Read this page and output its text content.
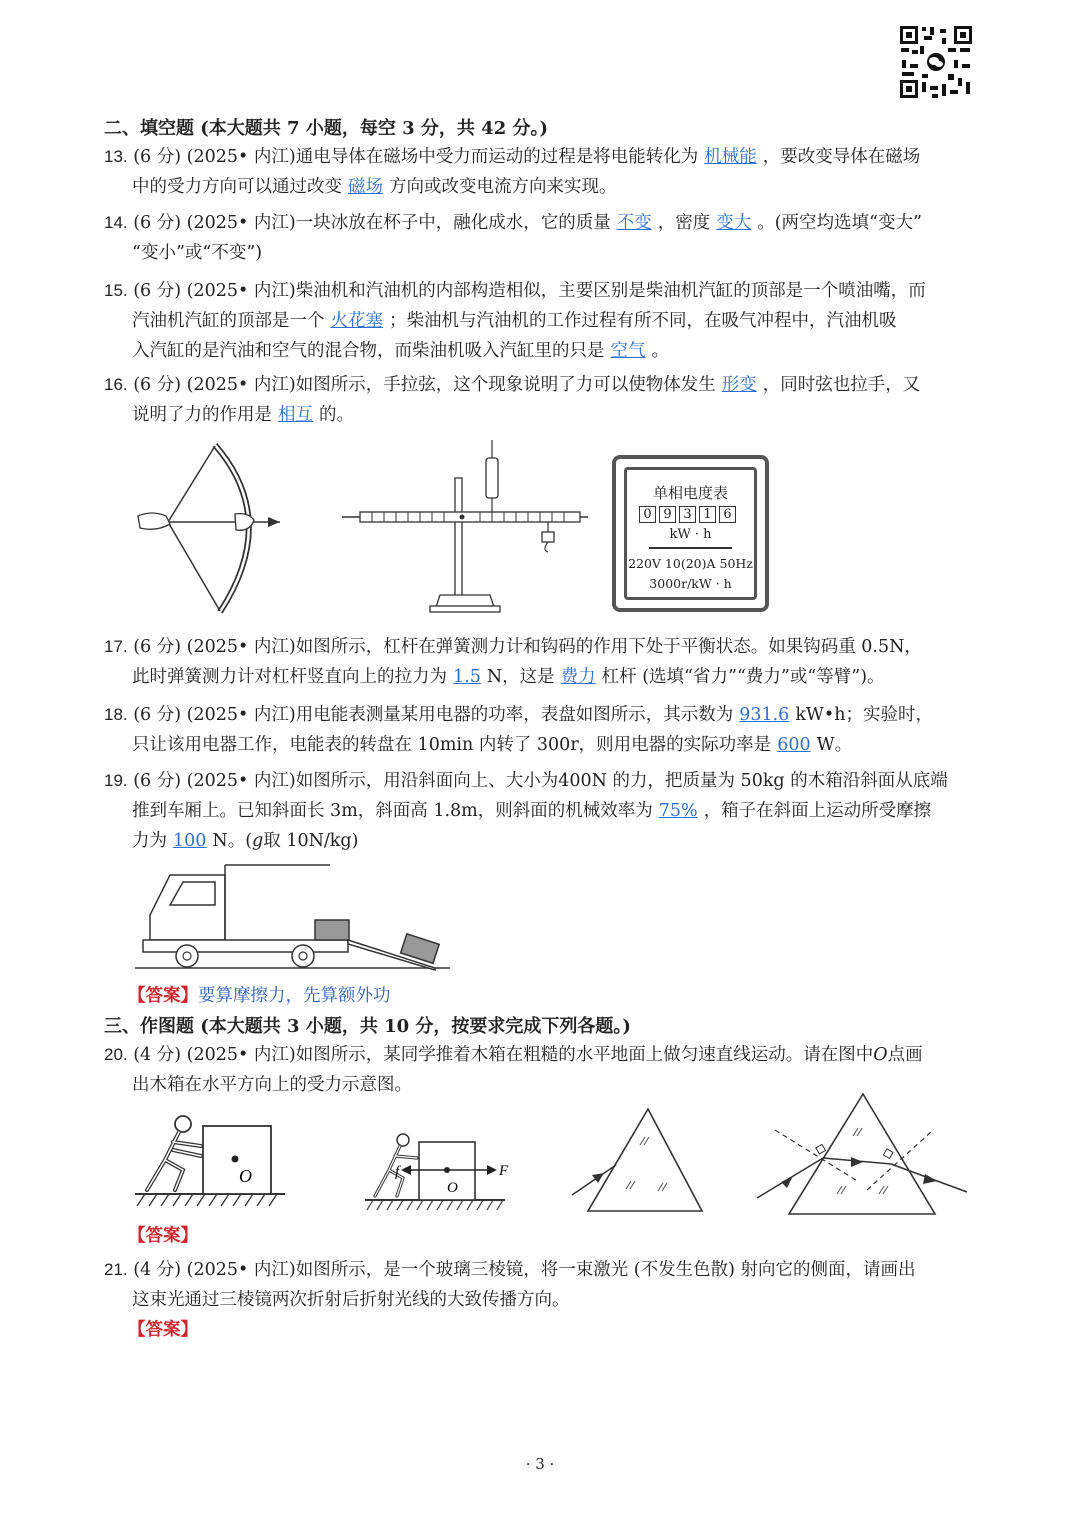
二、填空题 (本大题共 7 小题，每空 3 分，共 42 分。)
13. (6 分) (2025• 内江)通电导体在磁场中受力而运动的过程是将电能转化为 机械能 ，要改变导体在磁场
中的受力方向可以通过改变 磁场 方向或改变电流方向来实现。
14. (6 分) (2025• 内江)一块冰放在杯子中，融化成水，它的质量 不变 ，密度 变大 。(两空均选填“变大”
“变小”或“不变”)
15. (6 分) (2025• 内江)柴油机和汽油机的内部构造相似，主要区别是柴油机汽缸的顶部是一个喷油嘴，而
汽油机汽缸的顶部是一个 火花塞 ；柴油机与汽油机的工作过程有所不同，在吸气冲程中，汽油机吸
入汽缸的是汽油和空气的混合物，而柴油机吸入汽缸里的只是 空气 。
16. (6 分) (2025• 内江)如图所示，手拉弦，这个现象说明了力可以使物体发生 形变 ，同时弦也拉手，又
说明了力的作用是 相互 的。
单相电度表
0 9 3 1 6
kW · h
220V 10(20)A 50Hz
3000r/kW · h
17. (6 分) (2025• 内江)如图所示，杠杆在弹簧测力计和钩码的作用下处于平衡状态。如果钩码重 0.5N，
此时弹簧测力计对杠杆竖直向上的拉力为 1.5 N，这是 费力 杠杆 (选填“省力”“费力”或“等臂”)。
18. (6 分) (2025• 内江)用电能表测量某用电器的功率，表盘如图所示，其示数为 931.6 kW•h；实验时，
只让该用电器工作，电能表的转盘在 10min 内转了 300r，则用电器的实际功率是 600 W。
19. (6 分) (2025• 内江)如图所示，用沿斜面向上、大小为400N 的力，把质量为 50kg 的木箱沿斜面从底端
推到车厢上。已知斜面长 3m，斜面高 1.8m，则斜面的机械效率为 75% ，箱子在斜面上运动所受摩擦
力为 100 N。(g取 10N/kg)
【答案】要算摩擦力，先算额外功
三、作图题 (本大题共 3 小题，共 10 分，按要求完成下列各题。)
20. (4 分) (2025• 内江)如图所示，某同学推着木箱在粗糙的水平地面上做匀速直线运动。请在图中O点画
出木箱在水平方向上的受力示意图。
O	F
f
O
【答案】
21. (4 分) (2025• 内江)如图所示，是一个玻璃三棱镜，将一束激光 (不发生色散) 射向它的侧面，请画出
这束光通过三棱镜两次折射后折射光线的大致传播方向。
【答案】
· 3 ·
